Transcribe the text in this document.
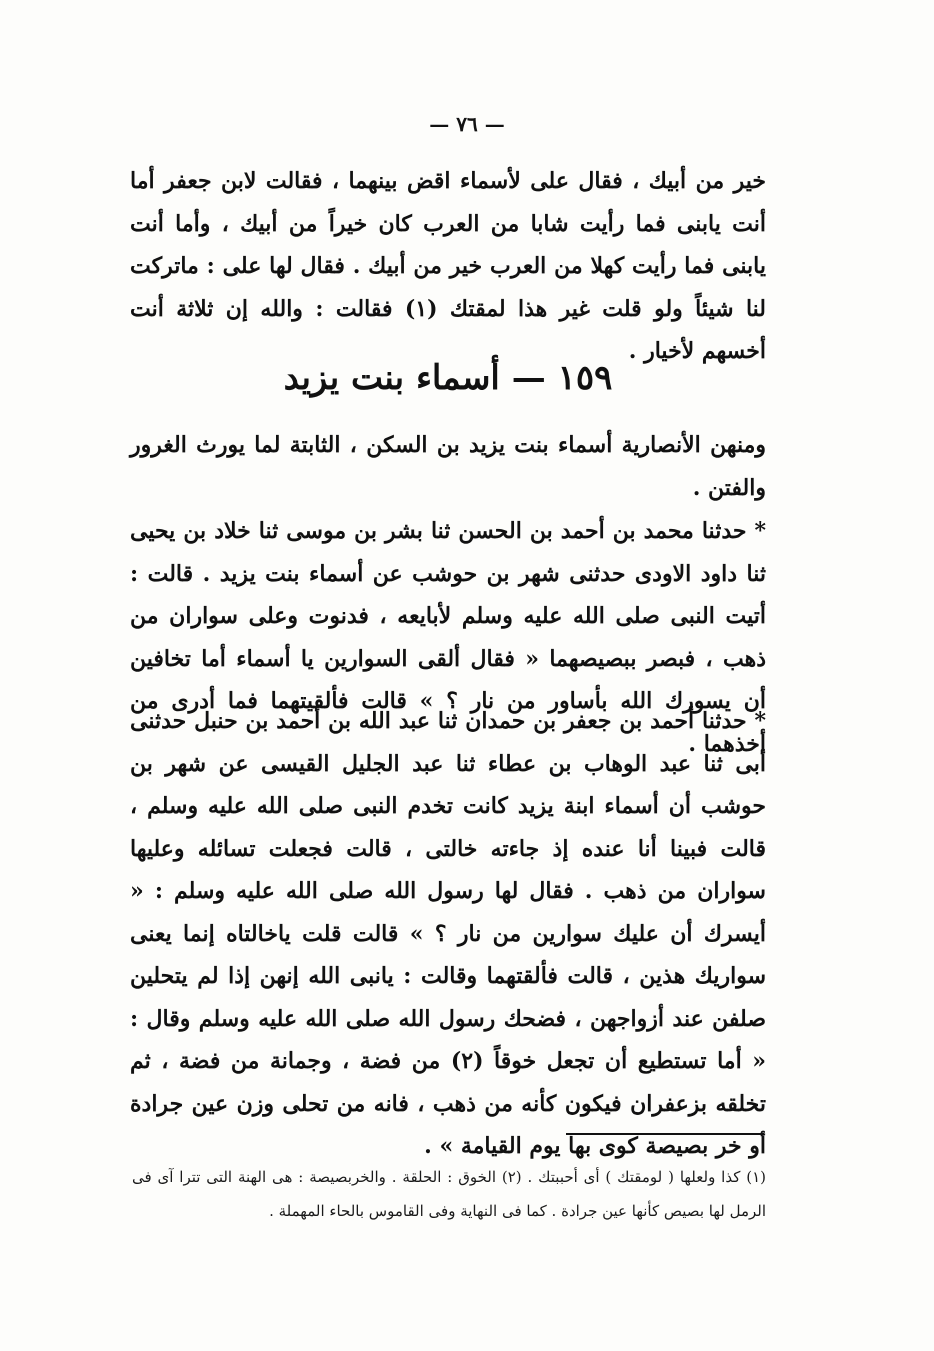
— ٧٦ —
خير من أبيك ، فقال على لأسماء اقض بينهما ، فقالت لابن جعفر أما أنت يابنى فما رأيت شابا من العرب كان خيراً من أبيك ، وأما أنت يابنى فما رأيت كهلا من العرب خير من أبيك . فقال لها على : ماتركت لنا شيئاً ولو قلت غير هذا لمقتك (١) فقالت : والله إن ثلاثة أنت أخسهم لأخيار .
١٥٩ — أسماء بنت يزيد
ومنهن الأنصارية أسماء بنت يزيد بن السكن ، الثابتة لما يورث الغرور والفتن .
* حدثنا محمد بن أحمد بن الحسن ثنا بشر بن موسى ثنا خلاد بن يحيى ثنا داود الاودى حدثنى شهر بن حوشب عن أسماء بنت يزيد . قالت : أتيت النبى صلى الله عليه وسلم لأبايعه ، فدنوت وعلى سواران من ذهب ، فبصر ببصيصهما « فقال ألقى السوارين يا أسماء أما تخافين أن يسورك الله بأساور من نار ؟ » قالت فألقيتهما فما أدرى من أخذهما .
* حدثنا أحمد بن جعفر بن حمدان ثنا عبد الله بن أحمد بن حنبل حدثنى أبى ثنا عبد الوهاب بن عطاء ثنا عبد الجليل القيسى عن شهر بن حوشب أن أسماء ابنة يزيد كانت تخدم النبى صلى الله عليه وسلم ، قالت فبينا أنا عنده إذ جاءته خالتى ، قالت فجعلت تسائله وعليها سواران من ذهب . فقال لها رسول الله صلى الله عليه وسلم : « أيسرك أن عليك سوارين من نار ؟ » قالت قلت ياخالتاه إنما يعنى سواريك هذين ، قالت فألقتهما وقالت : يانبى الله إنهن إذا لم يتحلين صلفن عند أزواجهن ، فضحك رسول الله صلى الله عليه وسلم وقال : « أما تستطيع أن تجعل خوقاً (٢) من فضة ، وجمانة من فضة ، ثم تخلقه بزعفران فيكون كأنه من ذهب ، فانه من تحلى وزن عين جرادة أو خر بصيصة كوى بها يوم القيامة » .
(١) كذا ولعلها ( لومقتك ) أى أحببتك . (٢) الخوق : الحلقة . والخربصيصة : هى الهنة التى تترا آى فى الرمل لها بصيص كأنها عين جرادة . كما فى النهاية وفى القاموس بالحاء المهملة .
